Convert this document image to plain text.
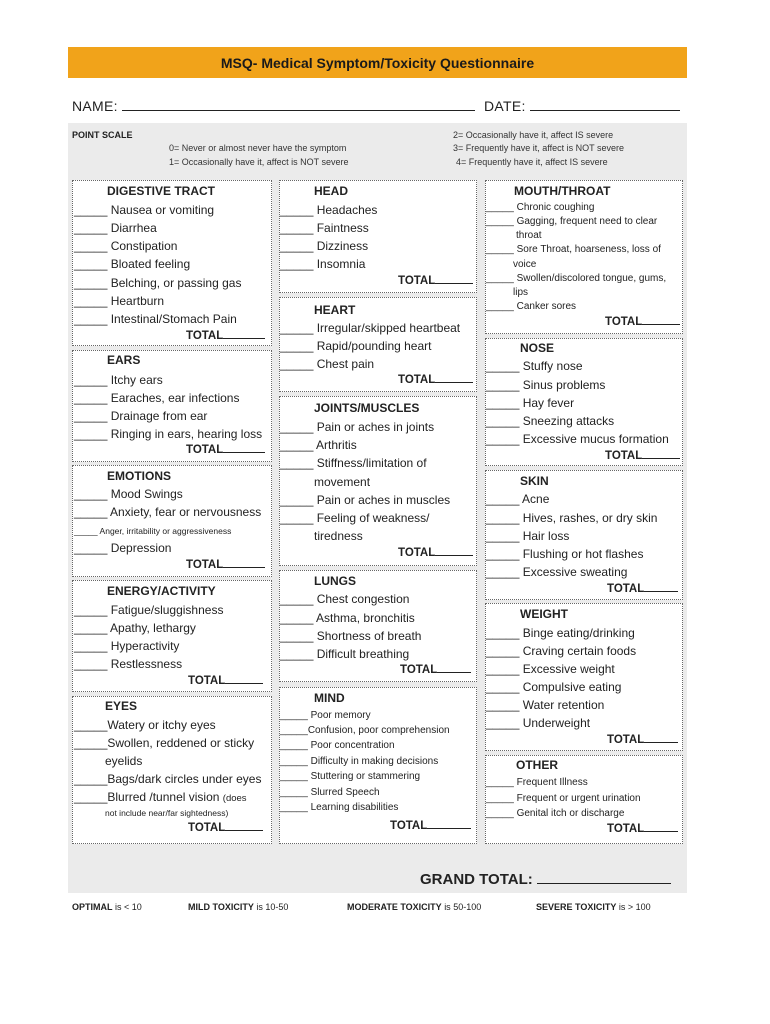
MSQ- Medical Symptom/Toxicity Questionnaire
NAME:	DATE:
POINT SCALE
0= Never or almost never have the symptom
1= Occasionally have it, affect is NOT severe
2= Occasionally have it, affect IS severe
3= Frequently have it, affect is NOT severe
4= Frequently have it, affect IS severe
DIGESTIVE TRACT
_____ Nausea or vomiting
_____ Diarrhea
_____ Constipation
_____ Bloated feeling
_____ Belching, or passing gas
_____ Heartburn
_____ Intestinal/Stomach Pain
TOTAL
EARS
_____ Itchy ears
_____ Earaches, ear infections
_____ Drainage from ear
_____ Ringing in ears, hearing loss
TOTAL
EMOTIONS
_____ Mood Swings
_____ Anxiety, fear or nervousness
_____ Anger, irritability or aggressiveness
_____ Depression
TOTAL
ENERGY/ACTIVITY
_____ Fatigue/sluggishness
_____ Apathy, lethargy
_____ Hyperactivity
_____ Restlessness
TOTAL
EYES
_____Watery or itchy eyes
_____Swollen, reddened or sticky
eyelids
_____Bags/dark circles under eyes
_____Blurred /tunnel vision (does
not include near/far sightedness)
TOTAL
HEAD
_____ Headaches
_____ Faintness
_____ Dizziness
_____ Insomnia
TOTAL
HEART
_____ Irregular/skipped heartbeat
_____ Rapid/pounding heart
_____ Chest pain
TOTAL
JOINTS/MUSCLES
_____ Pain or aches in joints
_____ Arthritis
_____ Stiffness/limitation of
movement
_____ Pain or aches in muscles
_____ Feeling of weakness/
tiredness
TOTAL
LUNGS
_____ Chest congestion
_____ Asthma, bronchitis
_____ Shortness of breath
_____ Difficult breathing
TOTAL
MIND
_____ Poor memory
_____Confusion, poor comprehension
_____ Poor concentration
_____ Difficulty in making decisions
_____ Stuttering or stammering
_____ Slurred Speech
_____ Learning disabilities
TOTAL
MOUTH/THROAT
_____ Chronic coughing
_____ Gagging, frequent need to clear
throat
_____ Sore Throat, hoarseness, loss of
voice
_____ Swollen/discolored tongue, gums,
lips
_____ Canker sores
TOTAL
NOSE
_____ Stuffy nose
_____ Sinus problems
_____ Hay fever
_____ Sneezing attacks
_____ Excessive mucus formation
TOTAL
SKIN
_____ Acne
_____ Hives, rashes, or dry skin
_____ Hair loss
_____ Flushing or hot flashes
_____ Excessive sweating
TOTAL
WEIGHT
_____ Binge eating/drinking
_____ Craving certain foods
_____ Excessive weight
_____ Compulsive eating
_____ Water retention
_____ Underweight
TOTAL
OTHER
_____ Frequent Illness
_____ Frequent or urgent urination
_____ Genital itch or discharge
TOTAL
GRAND TOTAL:
OPTIMAL is < 10	MILD TOXICITY is 10-50	MODERATE TOXICITY is 50-100	SEVERE TOXICITY is > 100
